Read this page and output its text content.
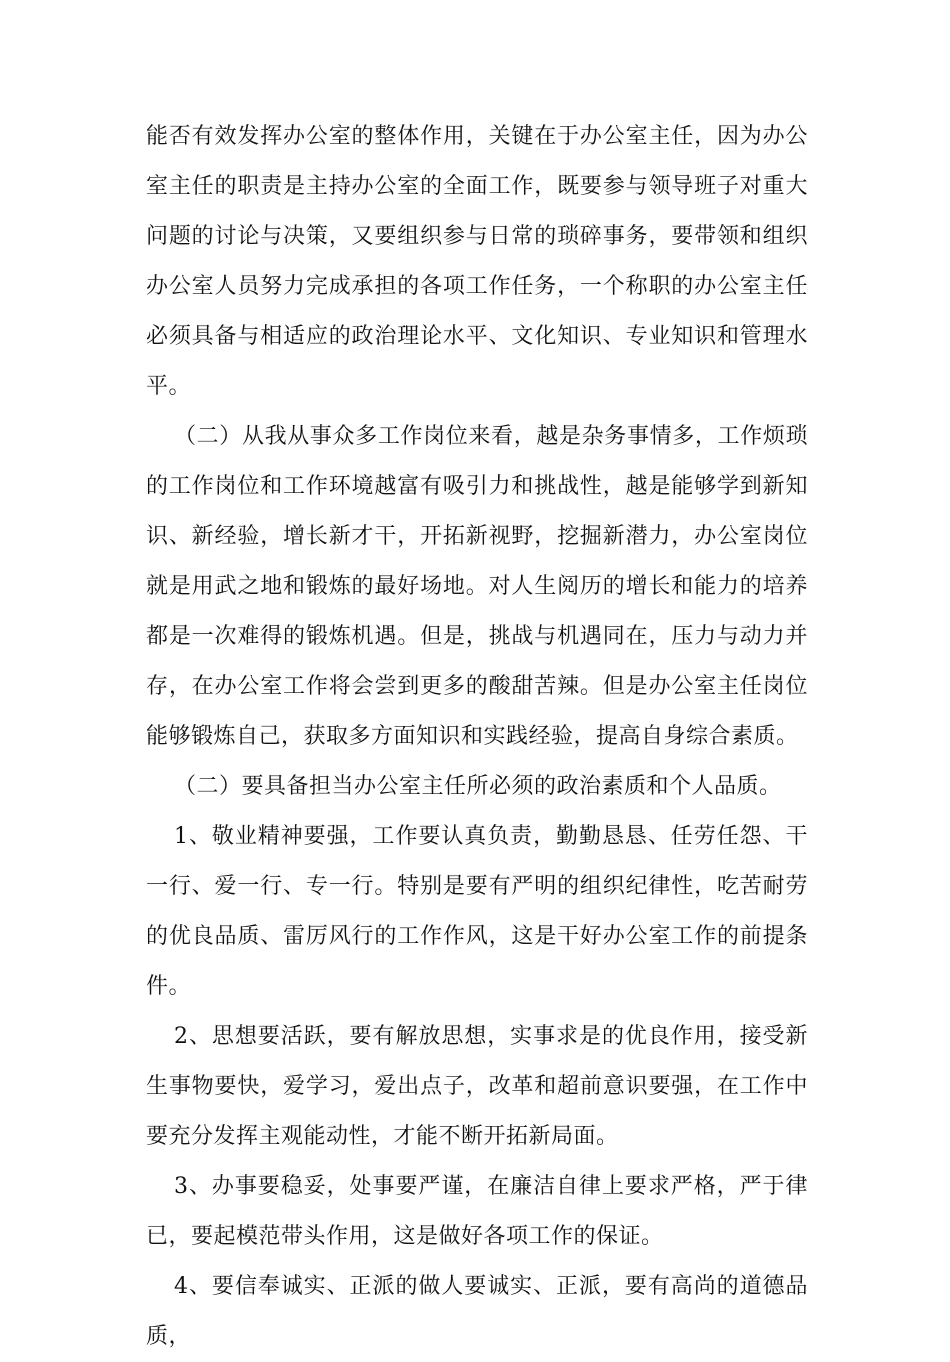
能否有效发挥办公室的整体作用，关键在于办公室主任，因为办公室主任的职责是主持办公室的全面工作，既要参与领导班子对重大问题的讨论与决策，又要组织参与日常的琐碎事务，要带领和组织办公室人员努力完成承担的各项工作任务，一个称职的办公室主任必须具备与相适应的政治理论水平、文化知识、专业知识和管理水平。

（二）从我从事众多工作岗位来看，越是杂务事情多，工作烦琐的工作岗位和工作环境越富有吸引力和挑战性，越是能够学到新知识、新经验，增长新才干，开拓新视野，挖掘新潜力，办公室岗位就是用武之地和锻炼的最好场地。对人生阅历的增长和能力的培养都是一次难得的锻炼机遇。但是，挑战与机遇同在，压力与动力并存，在办公室工作将会尝到更多的酸甜苦辣。但是办公室主任岗位能够锻炼自己，获取多方面知识和实践经验，提高自身综合素质。

（二）要具备担当办公室主任所必须的政治素质和个人品质。

1、敬业精神要强，工作要认真负责，勤勤恳恳、任劳任怨、干一行、爱一行、专一行。特别是要有严明的组织纪律性，吃苦耐劳的优良品质、雷厉风行的工作作风，这是干好办公室工作的前提条件。

2、思想要活跃，要有解放思想，实事求是的优良作用，接受新生事物要快，爱学习，爱出点子，改革和超前意识要强，在工作中要充分发挥主观能动性，才能不断开拓新局面。

3、办事要稳妥，处事要严谨，在廉洁自律上要求严格，严于律已，要起模范带头作用，这是做好各项工作的保证。

4、要信奉诚实、正派的做人要诚实、正派，要有高尚的道德品质，
